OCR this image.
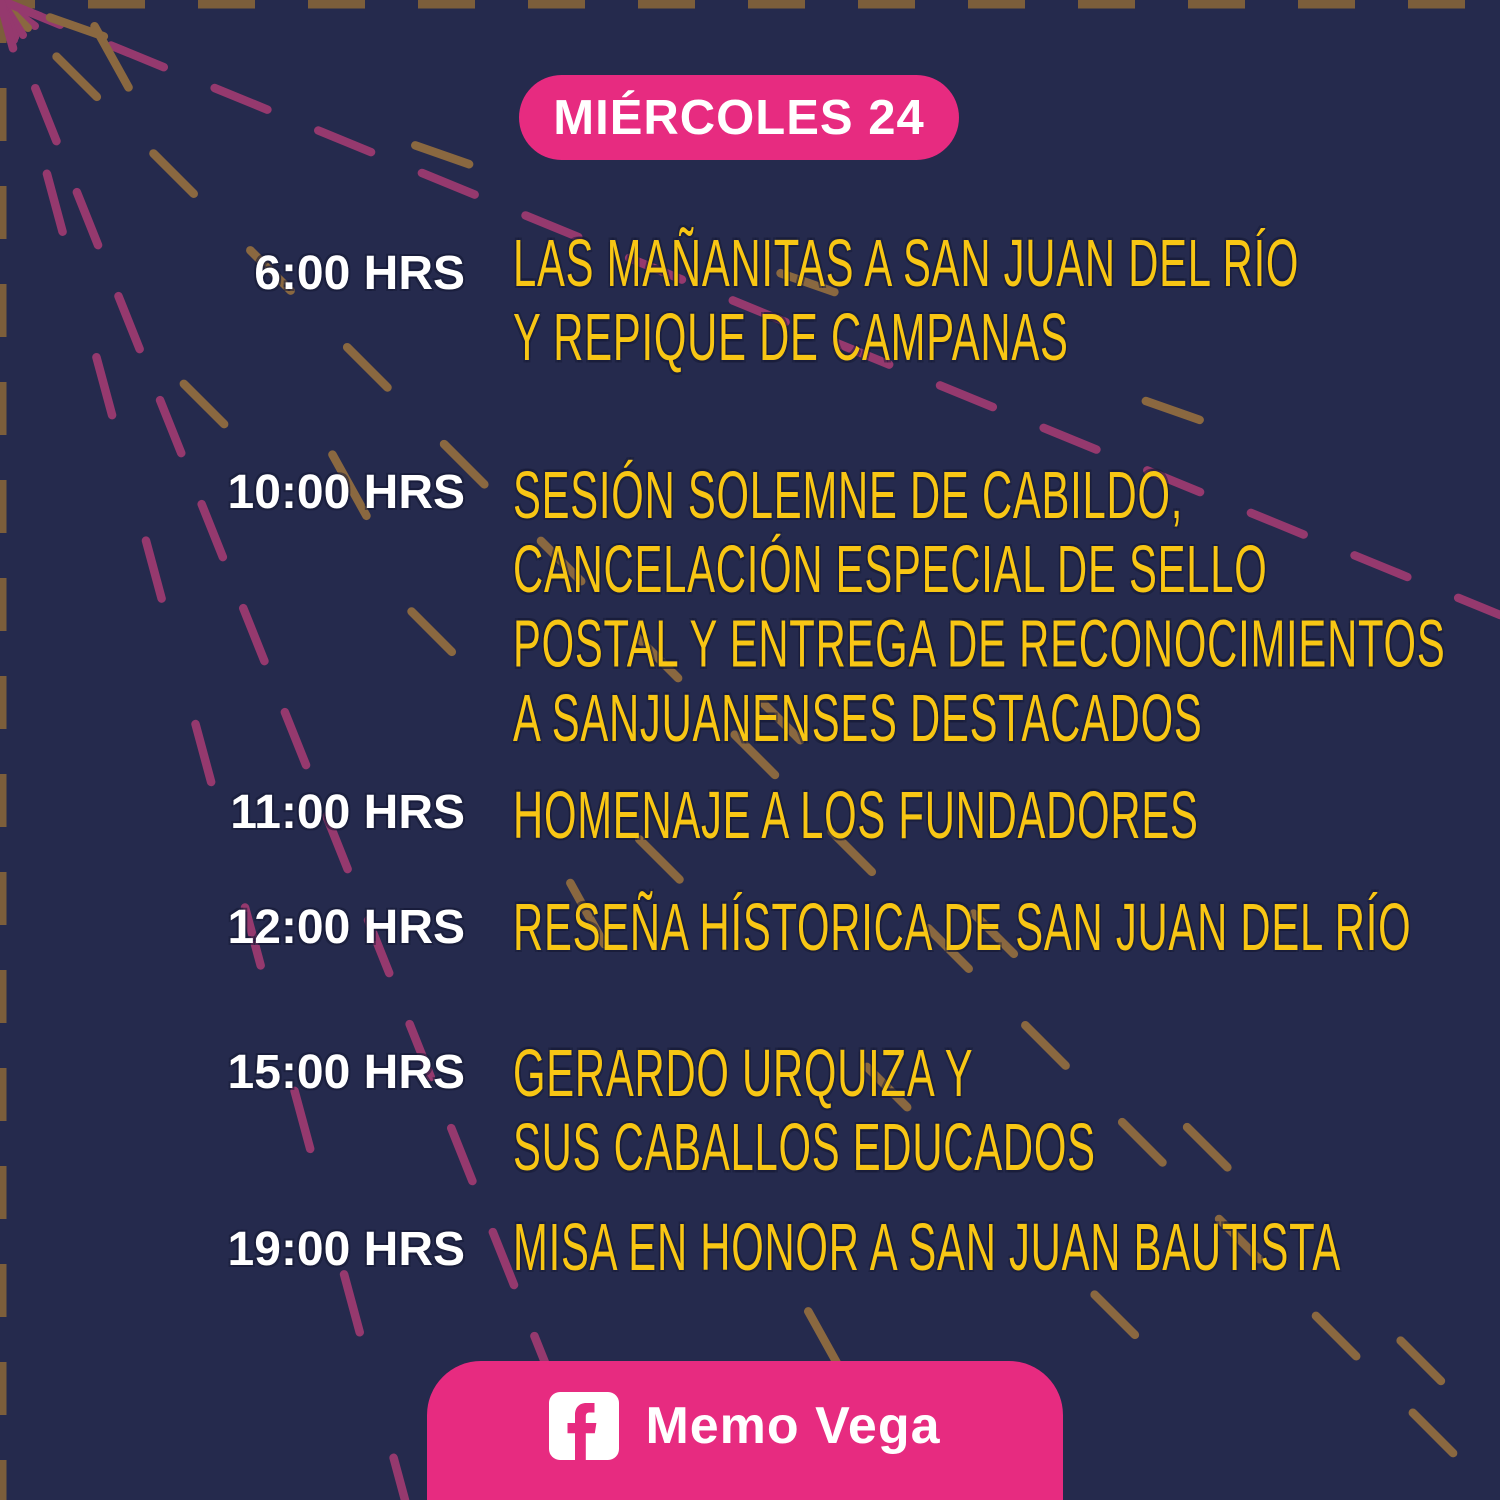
MIÉRCOLES 24
6:00 HRS LAS MAÑANITAS A SAN JUAN DEL RÍO
Y REPIQUE DE CAMPANAS
10:00 HRS SESIÓN SOLEMNE DE CABILDO,
CANCELACIÓN ESPECIAL DE SELLO
POSTAL Y ENTREGA DE RECONOCIMIENTOS
A SANJUANENSES DESTACADOS
11:00 HRS HOMENAJE A LOS FUNDADORES
12:00 HRS RESEÑA HÍSTORICA DE SAN JUAN DEL RÍO
15:00 HRS GERARDO URQUIZA Y
SUS CABALLOS EDUCADOS
19:00 HRS MISA EN HONOR A SAN JUAN BAUTISTA
Memo Vega
